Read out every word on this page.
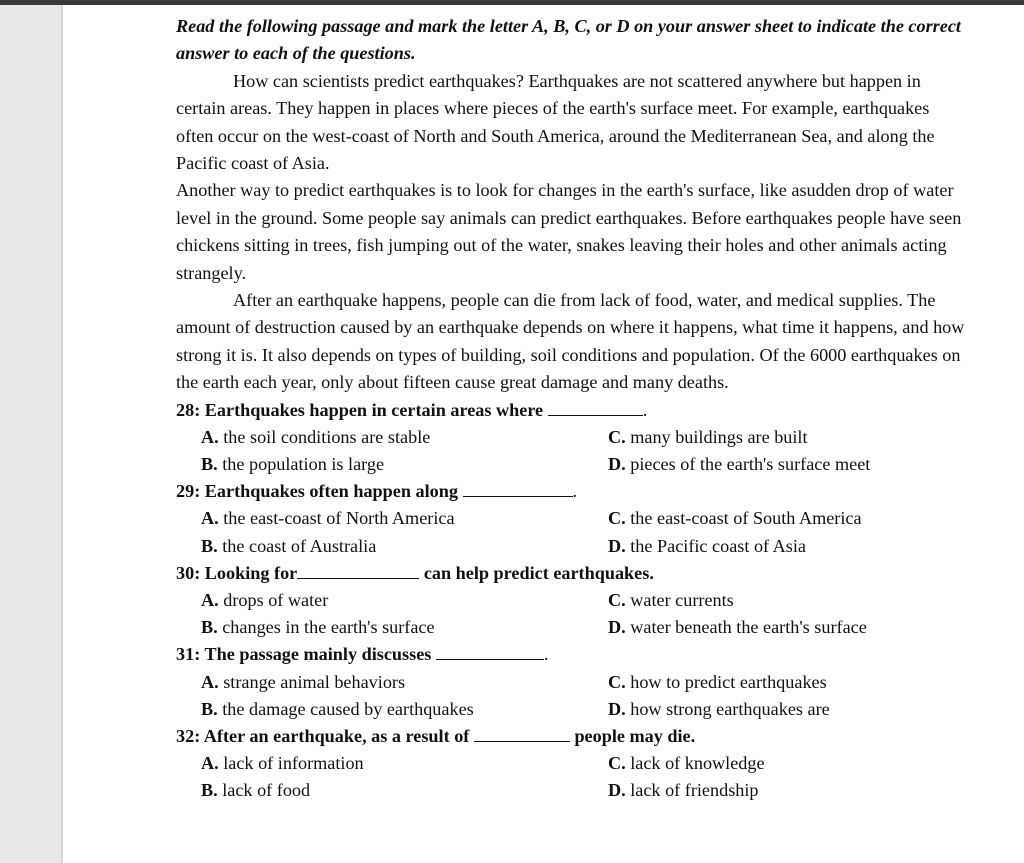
Read the following passage and mark the letter A, B, C, or D on your answer sheet to indicate the correct answer to each of the questions.

How can scientists predict earthquakes? Earthquakes are not scattered anywhere but happen in certain areas. They happen in places where pieces of the earth's surface meet. For example, earthquakes often occur on the west-coast of North and South America, around the Mediterranean Sea, and along the Pacific coast of Asia.

Another way to predict earthquakes is to look for changes in the earth's surface, like asudden drop of water level in the ground. Some people say animals can predict earthquakes. Before earthquakes people have seen chickens sitting in trees, fish jumping out of the water, snakes leaving their holes and other animals acting strangely.

After an earthquake happens, people can die from lack of food, water, and medical supplies. The amount of destruction caused by an earthquake depends on where it happens, what time it happens, and how strong it is. It also depends on types of building, soil conditions and population. Of the 6000 earthquakes on the earth each year, only about fifteen cause great damage and many deaths.

28: Earthquakes happen in certain areas where	.
A. the soil conditions are stable	C. many buildings are built
B. the population is large	D. pieces of the earth's surface meet
29: Earthquakes often happen along	.
A. the east-coast of North America	C. the east-coast of South America
B. the coast of Australia	D. the Pacific coast of Asia
30: Looking for	can help predict earthquakes.
A. drops of water	C. water currents
B. changes in the earth's surface	D. water beneath the earth's surface
31: The passage mainly discusses	.
A. strange animal behaviors	C. how to predict earthquakes
B. the damage caused by earthquakes	D. how strong earthquakes are
32: After an earthquake, as a result of	people may die.
A. lack of information	C. lack of knowledge
B. lack of food	D. lack of friendship
